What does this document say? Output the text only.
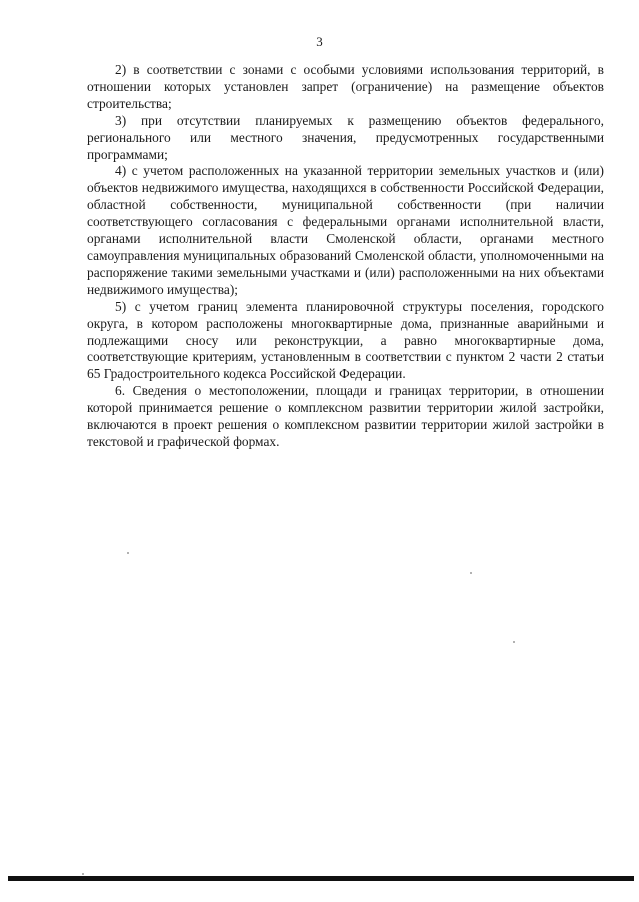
3

2) в соответствии с зонами с особыми условиями использования территорий, в отношении которых установлен запрет (ограничение) на размещение объектов строительства;

3) при отсутствии планируемых к размещению объектов федерального, регионального или местного значения, предусмотренных государственными программами;

4) с учетом расположенных на указанной территории земельных участков и (или) объектов недвижимого имущества, находящихся в собственности Российской Федерации, областной собственности, муниципальной собственности (при наличии соответствующего согласования с федеральными органами исполнительной власти, органами исполнительной власти Смоленской области, органами местного самоуправления муниципальных образований Смоленской области, уполномоченными на распоряжение такими земельными участками и (или) расположенными на них объектами недвижимого имущества);

5) с учетом границ элемента планировочной структуры поселения, городского округа, в котором расположены многоквартирные дома, признанные аварийными и подлежащими сносу или реконструкции, а равно многоквартирные дома, соответствующие критериям, установленным в соответствии с пунктом 2 части 2 статьи 65 Градостроительного кодекса Российской Федерации.

6. Сведения о местоположении, площади и границах территории, в отношении которой принимается решение о комплексном развитии территории жилой застройки, включаются в проект решения о комплексном развитии территории жилой застройки в текстовой и графической формах.
